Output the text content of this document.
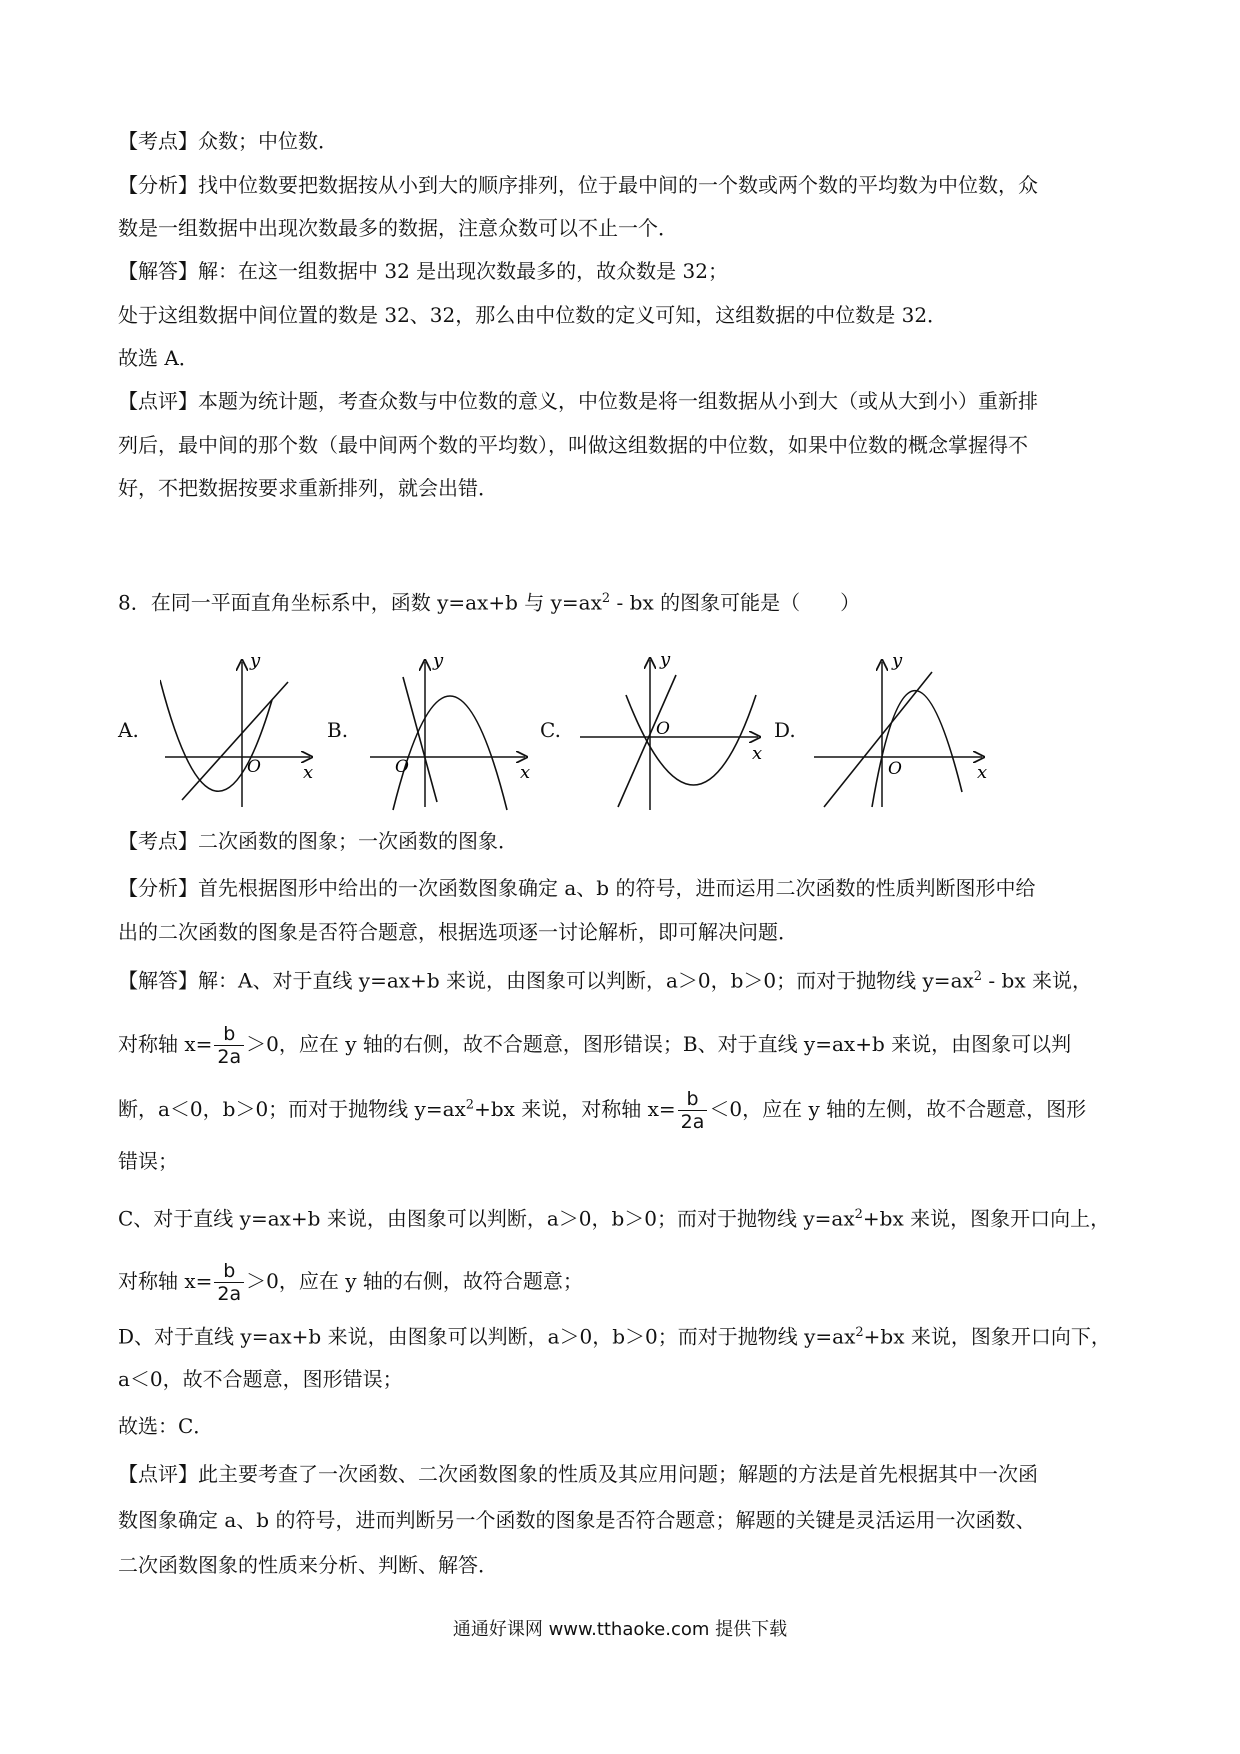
【考点】众数；中位数．
【分析】找中位数要把数据按从小到大的顺序排列，位于最中间的一个数或两个数的平均数为中位数，众
数是一组数据中出现次数最多的数据，注意众数可以不止一个．
【解答】解：在这一组数据中 32 是出现次数最多的，故众数是 32；
处于这组数据中间位置的数是 32、32，那么由中位数的定义可知，这组数据的中位数是 32．
故选 A．
【点评】本题为统计题，考查众数与中位数的意义，中位数是将一组数据从小到大（或从大到小）重新排
列后，最中间的那个数（最中间两个数的平均数），叫做这组数据的中位数，如果中位数的概念掌握得不
好，不把数据按要求重新排列，就会出错．
8．在同一平面直角坐标系中，函数 y=ax+b 与 $y=ax^2$ - bx 的图象可能是（　　）
A.	B.	C.	D.
y
x
O
y
x
O
y
x
O
y
x
O
【考点】二次函数的图象；一次函数的图象．
【分析】首先根据图形中给出的一次函数图象确定 a、b 的符号，进而运用二次函数的性质判断图形中给
出的二次函数的图象是否符合题意，根据选项逐一讨论解析，即可解决问题．
【解答】解：A、对于直线 y=ax+b 来说，由图象可以判断，a＞0，b＞0；而对于抛物线 $y=ax^2$ - bx 来说，
对称轴 $x= \frac{b}{2a} >0$，应在 y 轴的右侧，故不合题意，图形错误；B、对于直线 y=ax+b 来说，由图象可以判
断，a＜0，b＞0；而对于抛物线 $y=ax^2+bx$ 来说，对称轴 $x= \frac{b}{2a} <0$，应在 y 轴的左侧，故不合题意，图形
错误；
C、对于直线 y=ax+b 来说，由图象可以判断，a＞0，b＞0；而对于抛物线 $y=ax^2+bx$ 来说，图象开口向上，
对称轴 $x= \frac{b}{2a} >0$，应在 y 轴的右侧，故符合题意；
D、对于直线 y=ax+b 来说，由图象可以判断，a＞0，b＞0；而对于抛物线 $y=ax^2+bx$ 来说，图象开口向下，
a＜0，故不合题意，图形错误；
故选：C．
【点评】此主要考查了一次函数、二次函数图象的性质及其应用问题；解题的方法是首先根据其中一次函
数图象确定 a、b 的符号，进而判断另一个函数的图象是否符合题意；解题的关键是灵活运用一次函数、
二次函数图象的性质来分析、判断、解答．
通通好课网 www.tthaoke.com 提供下载
